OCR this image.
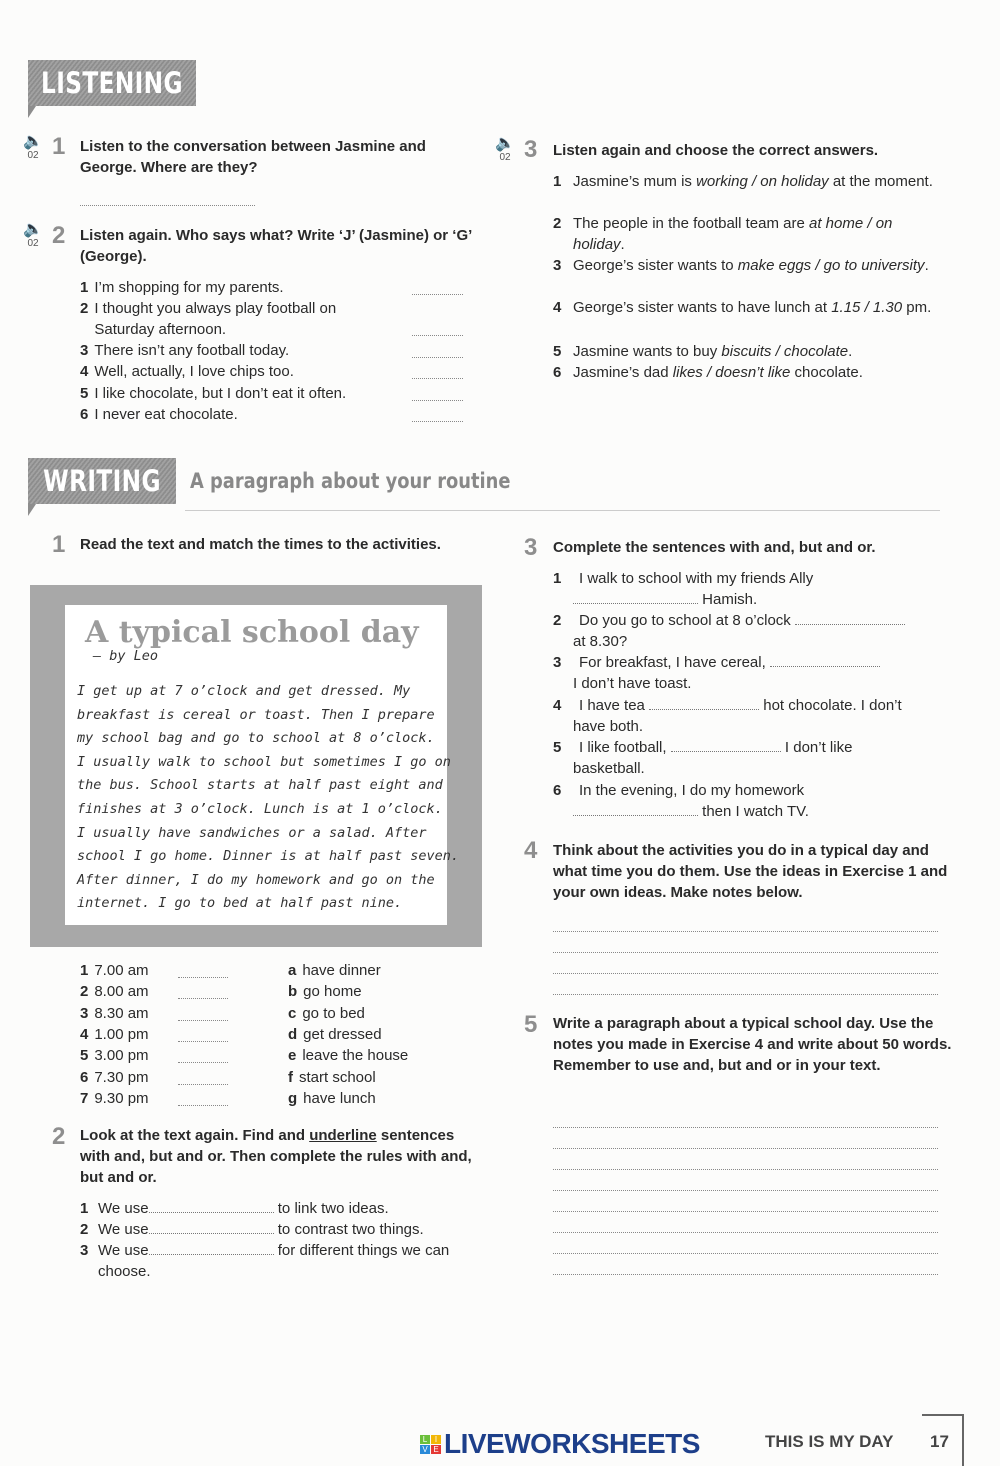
LISTENING
🔈
02 1 Listen to the conversation between Jasmine and George. Where are they?
🔈
02 2 Listen again. Who says what? Write ‘J’ (Jasmine) or ‘G’ (George).
1 I’m shopping for my parents.
2 I thought you always play football on Saturday afternoon.
3 There isn’t any football today.
4 Well, actually, I love chips too.
5 I like chocolate, but I don’t eat it often.
6 I never eat chocolate.
🔈
02 3 Listen again and choose the correct answers.
1 Jasmine’s mum is working / on holiday at the moment.
2 The people in the football team are at home / on holiday.
3 George’s sister wants to make eggs / go to university.
4 George’s sister wants to have lunch at 1.15 / 1.30 pm.
5 Jasmine wants to buy biscuits / chocolate.
6 Jasmine’s dad likes / doesn’t like chocolate.
WRITING	A paragraph about your routine
1 Read the text and match the times to the activities.
A typical school day
– by Leo
I get up at 7 o’clock and get dressed. My
breakfast is cereal or toast. Then I prepare
my school bag and go to school at 8 o’clock.
I usually walk to school but sometimes I go on
the bus. School starts at half past eight and
finishes at 3 o’clock. Lunch is at 1 o’clock.
I usually have sandwiches or a salad. After
school I go home. Dinner is at half past seven.
After dinner, I do my homework and go on the
internet. I go to bed at half past nine.
1 7.00 am	a have dinner
2 8.00 am	b go home
3 8.30 am	c go to bed
4 1.00 pm	d get dressed
5 3.00 pm	e leave the house
6 7.30 pm	f start school
7 9.30 pm	g have lunch
2 Look at the text again. Find and underline sentences with and, but and or. Then complete the rules with and, but and or.
1 We use	to link two ideas.
2 We use	to contrast two things.
3 We use	for different things we can choose.
3 Complete the sentences with and, but and or.
1 I walk to school with my friends Ally
Hamish.
2 Do you go to school at 8 o’clock
at 8.30?
3 For breakfast, I have cereal,
I don’t have toast.
4 I have tea	hot chocolate. I don’t
have both.
5 I like football,	I don’t like
basketball.
6 In the evening, I do my homework
then I watch TV.
4 Think about the activities you do in a typical day and what time you do them. Use the ideas in Exercise 1 and your own ideas. Make notes below.
5 Write a paragraph about a typical school day. Use the notes you made in Exercise 4 and write about 50 words. Remember to use and, but and or in your text.
L I
V E LIVEWORKSHEETS	THIS IS MY DAY 17
